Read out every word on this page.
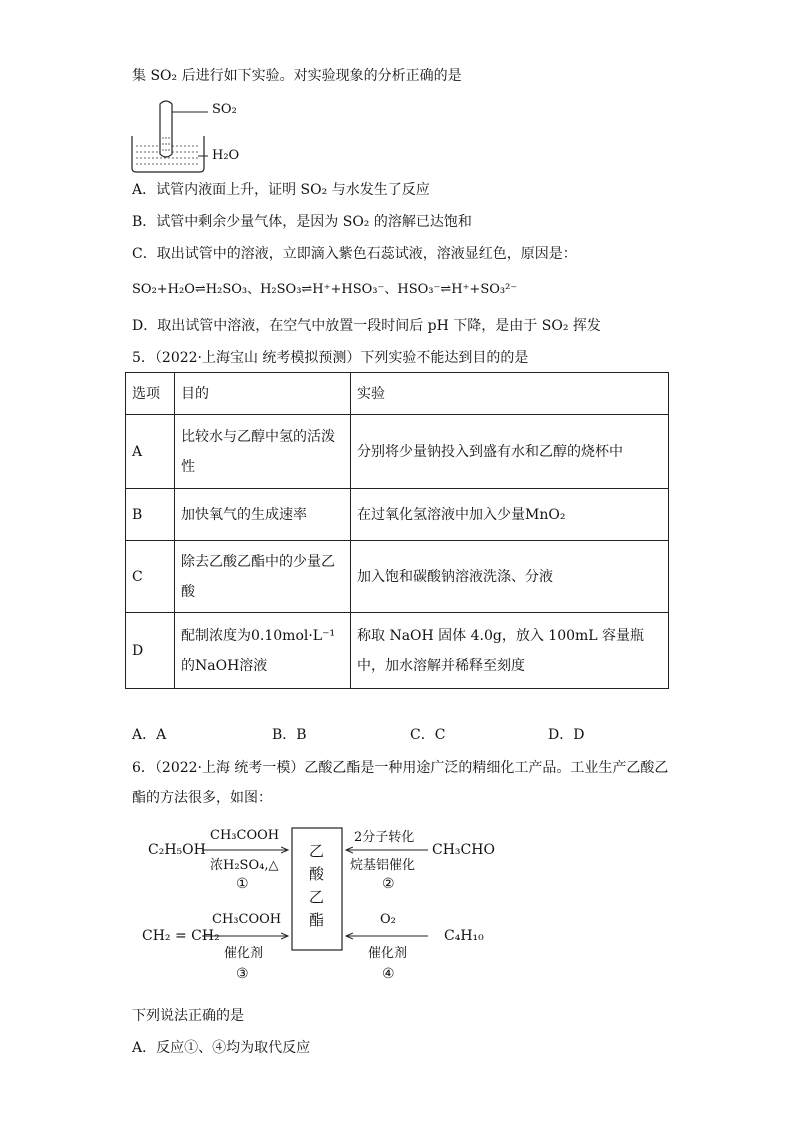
集 SO₂ 后进行如下实验。对实验现象的分析正确的是
SO₂
H₂O
A．试管内液面上升，证明 SO₂ 与水发生了反应
B．试管中剩余少量气体，是因为 SO₂ 的溶解已达饱和
C．取出试管中的溶液，立即滴入紫色石蕊试液，溶液显红色，原因是：
SO₂+H₂O⇌H₂SO₃、H₂SO₃⇌H⁺+HSO₃⁻、HSO₃⁻⇌H⁺+SO₃²⁻
D．取出试管中溶液，在空气中放置一段时间后 pH 下降，是由于 SO₂ 挥发
5．（2022·上海宝山 统考模拟预测）下列实验不能达到目的的是
选项	目的	实验
A	比较水与乙醇中氢的活泼性	分别将少量钠投入到盛有水和乙醇的烧杯中
B	加快氧气的生成速率	在过氧化氢溶液中加入少量MnO₂
C	除去乙酸乙酯中的少量乙酸	加入饱和碳酸钠溶液洗涤、分液
D	配制浓度为0.10mol·L⁻¹的NaOH溶液	称取 NaOH 固体 4.0g，放入 100mL 容量瓶中，加水溶解并稀释至刻度
A．A	B．B	C．C	D．D
6．（2022·上海 统考一模）乙酸乙酯是一种用途广泛的精细化工产品。工业生产乙酸乙
酯的方法很多，如图：
乙
酸
乙
酯
C₂H₅OH
CH₃COOH
浓H₂SO₄,△
①
CH₃CHO
2分子转化
烷基铝催化
②
CH₂ = CH₂
CH₃COOH
催化剂
③
C₄H₁₀
O₂
催化剂
④
下列说法正确的是
A．反应①、④均为取代反应
